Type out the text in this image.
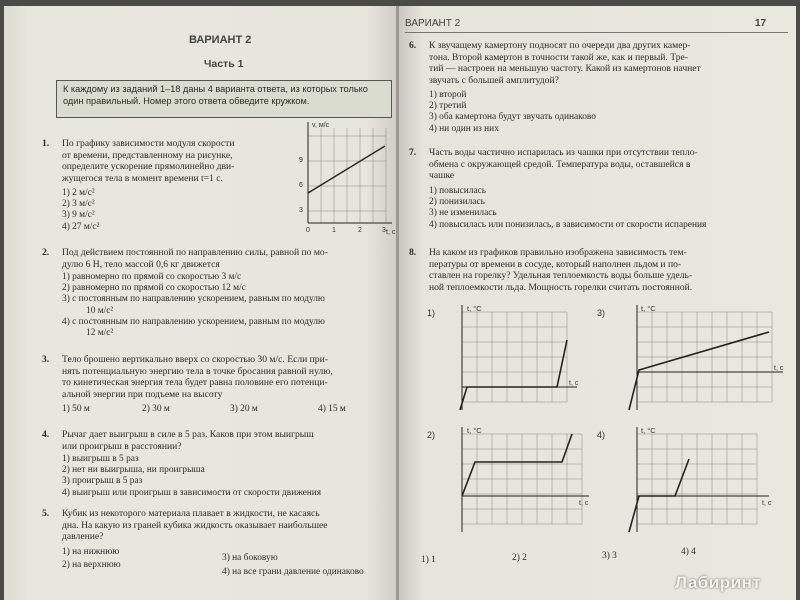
ВАРИАНТ 2
Часть 1
К каждому из заданий 1–18 даны 4 варианта ответа, из которых только один правильный. Номер этого ответа обведите кружком.
1. По графику зависимости модуля скорости
от времени, представленному на рисунке,
определите ускорение прямолинейно дви-
жущегося тела в момент времени t=1 с.
1) 2 м/с²
2) 3 м/с²
3) 9 м/с²
4) 27 м/с²
v, м/с
t, с
9
6
3
0	1	2	3
2. Под действием постоянной по направлению силы, равной по мо-
дулю 6 Н, тело массой 0,6 кг движется
1) равномерно по прямой со скоростью 3 м/с
2) равномерно по прямой со скоростью 12 м/с
3) с постоянным по направлению ускорением, равным по модулю
10 м/с²
4) с постоянным по направлению ускорением, равным по модулю
12 м/с²
3. Тело брошено вертикально вверх со скоростью 30 м/с. Если при-
нять потенциальную энергию тела в точке бросания равной нулю,
то кинетическая энергия тела будет равна половине его потенци-
альной энергии при подъеме на высоту
1) 50 м	2) 30 м	3) 20 м	4) 15 м
4. Рычаг дает выигрыш в силе в 5 раз. Каков при этом выигрыш
или проигрыш в расстоянии?
1) выигрыш в 5 раз
2) нет ни выигрыша, ни проигрыша
3) проигрыш в 5 раз
4) выигрыш или проигрыш в зависимости от скорости движения
5. Кубик из некоторого материала плавает в жидкости, не касаясь
дна. На какую из граней кубика жидкость оказывает наибольшее
давление?
1) на нижнюю
2) на верхнюю
3) на боковую
4) на все грани давление одинаково
ВАРИАНТ 2	17
6. К звучащему камертону подносят по очереди два других камер-
тона. Второй камертон в точности такой же, как и первый. Тре-
тий — настроен на меньшую частоту. Какой из камертонов начнет
звучать с большей амплитудой?
1) второй
2) третий
3) оба камертона будут звучать одинаково
4) ни один из них
7. Часть воды частично испарилась из чашки при отсутствии тепло-
обмена с окружающей средой. Температура воды, оставшейся в
чашке
1) повысилась
2) понизилась
3) не изменилась
4) повысилась или понизилась, в зависимости от скорости испарения
8. На каком из графиков правильно изображена зависимость тем-
пературы от времени в сосуде, который наполнен льдом и по-
ставлен на горелку? Удельная теплоемкость воды больше удель-
ной теплоемкости льда. Мощность горелки считать постоянной.
1)	t, °C
t, с
3)	t, °C
t, с
2)	t, °C
t, с
4)	t, °C
t, с
1) 1	2) 2	3) 3	4) 4
Лабиринт
